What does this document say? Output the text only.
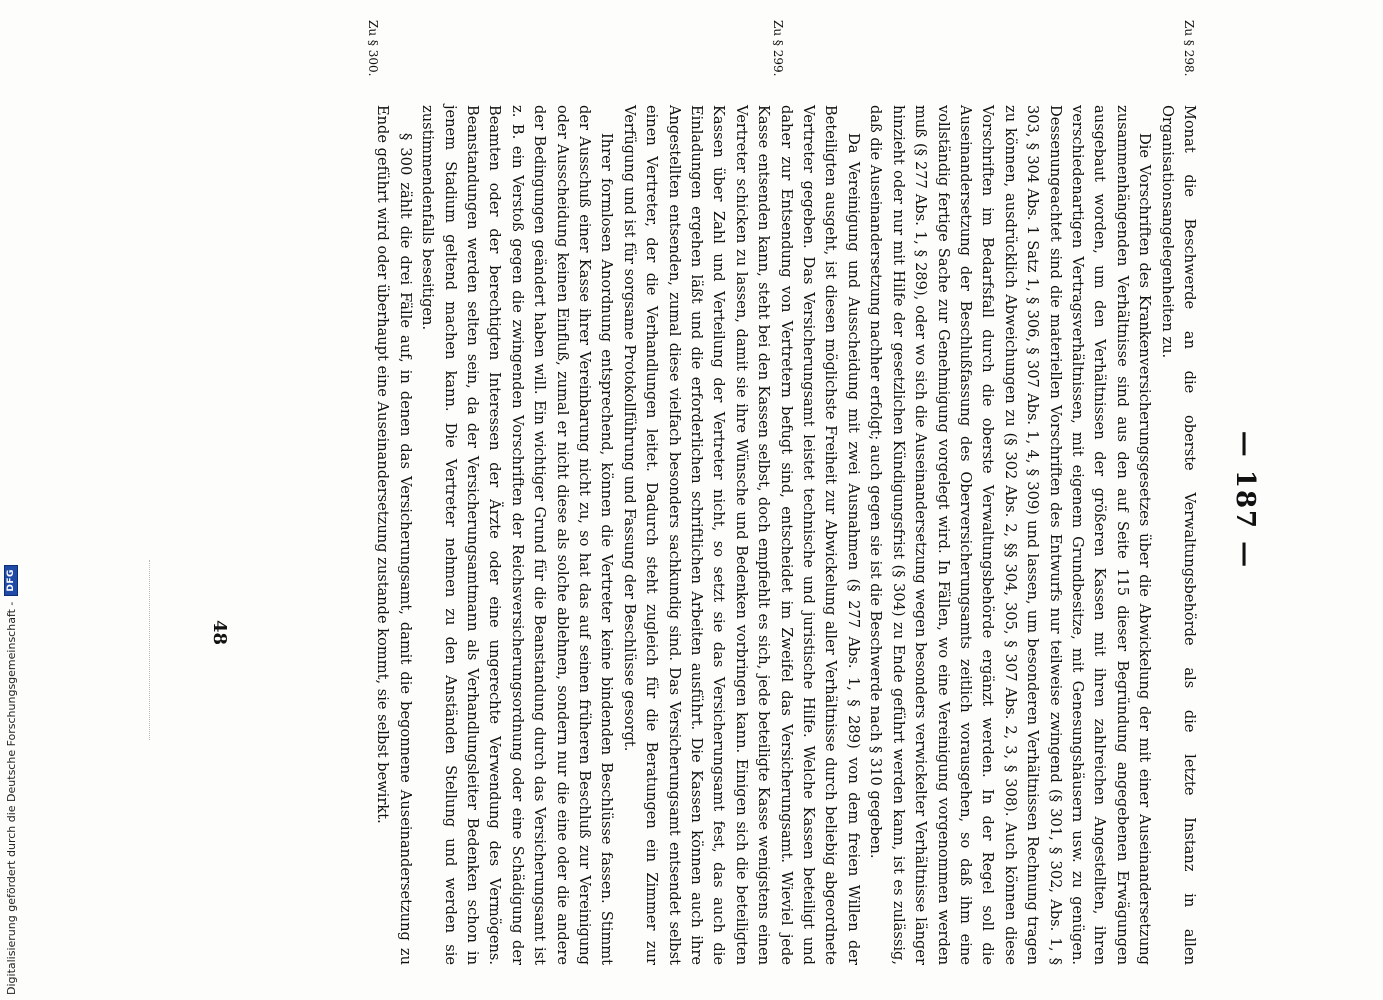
— 187 —
Zu § 298.
Zu § 299.
Zu § 300.

Monat die Beschwerde an die oberste Verwaltungsbehörde als die letzte Instanz in allen Organisationsangelegenheiten zu.

Die Vorschriften des Krankenversicherungsgesetzes über die Abwickelung der mit einer Auseinandersetzung zusammenhängenden Verhältnisse sind aus den auf Seite 115 dieser Begründung angegebenen Erwägungen ausgebaut worden, um den Verhältnissen der größeren Kassen mit ihren zahlreichen Angestellten, ihren verschiedenartigen Vertragsverhältnissen, mit eigenem Grundbesitze, mit Genesungshäusern usw. zu genügen. Dessenungeachtet sind die materiellen Vorschriften des Entwurfs nur teilweise zwingend (§ 301, § 302, Abs. 1, § 303, § 304 Abs. 1 Satz 1, § 306, § 307 Abs. 1, 4, § 309) und lassen, um besonderen Verhältnissen Rechnung tragen zu können, ausdrücklich Abweichungen zu (§ 302 Abs. 2, §§ 304, 305, § 307 Abs. 2, 3, § 308). Auch können diese Vorschriften im Bedarfsfall durch die oberste Verwaltungsbehörde ergänzt werden. In der Regel soll die Auseinandersetzung der Beschlußfassung des Oberversicherungsamts zeitlich vorausgehen, so daß ihm eine vollständig fertige Sache zur Genehmigung vorgelegt wird. In Fällen, wo eine Vereinigung vorgenommen werden muß (§ 277 Abs. 1, § 289), oder wo sich die Auseinandersetzung wegen besonders verwickelter Verhältnisse länger hinzieht oder nur mit Hilfe der gesetzlichen Kündigungsfrist (§ 304) zu Ende geführt werden kann, ist es zulässig, daß die Auseinandersetzung nachher erfolgt; auch gegen sie ist die Beschwerde nach § 310 gegeben.

Da Vereinigung und Ausscheidung mit zwei Ausnahmen (§ 277 Abs. 1, § 289) von dem freien Willen der Beteiligten ausgeht, ist diesen möglichste Freiheit zur Abwickelung aller Verhältnisse durch beliebig abgeordnete Vertreter gegeben. Das Versicherungsamt leistet technische und juristische Hilfe. Welche Kassen beteiligt und daher zur Entsendung von Vertretern befugt sind, entscheidet im Zweifel das Versicherungsamt. Wieviel jede Kasse entsenden kann, steht bei den Kassen selbst, doch empfiehlt es sich, jede beteiligte Kasse wenigstens einen Vertreter schicken zu lassen, damit sie ihre Wünsche und Bedenken vorbringen kann. Einigen sich die beteiligten Kassen über Zahl und Verteilung der Vertreter nicht, so setzt sie das Versicherungsamt fest, das auch die Einladungen ergehen läßt und die erforderlichen schriftlichen Arbeiten ausführt. Die Kassen können auch ihre Angestellten entsenden, zumal diese vielfach besonders sachkundig sind. Das Versicherungsamt entsendet selbst einen Vertreter, der die Verhandlungen leitet. Dadurch steht zugleich für die Beratungen ein Zimmer zur Verfügung und ist für sorgsame Protokollführung und Fassung der Beschlüsse gesorgt.

Ihrer formlosen Anordnung entsprechend, können die Vertreter keine bindenden Beschlüsse fassen. Stimmt der Ausschuß einer Kasse ihrer Vereinbarung nicht zu, so hat das auf seinen früheren Beschluß zur Vereinigung oder Ausscheidung keinen Einfluß, zumal er nicht diese als solche ablehnen, sondern nur die eine oder die andere der Bedingungen geändert haben will. Ein wichtiger Grund für die Beanstandung durch das Versicherungsamt ist z. B. ein Verstoß gegen die zwingenden Vorschriften der Reichsversicherungsordnung oder eine Schädigung der Beamten oder der berechtigten Interessen der Ärzte oder eine ungerechte Verwendung des Vermögens. Beanstandungen werden selten sein, da der Versicherungsamtmann als Verhandlungsleiter Bedenken schon in jenem Stadium geltend machen kann. Die Vertreter nehmen zu den Anständen Stellung und werden sie zustimmendenfalls beseitigen.

§ 300 zählt die drei Fälle auf, in denen das Versicherungsamt, damit die begonnene Auseinandersetzung zu Ende geführt wird oder überhaupt eine Auseinandersetzung zustande kommt, sie selbst bewirkt.

48
Digitalisierung gefördert durch die Deutsche Forschungsgemeinschaft -
DFG
